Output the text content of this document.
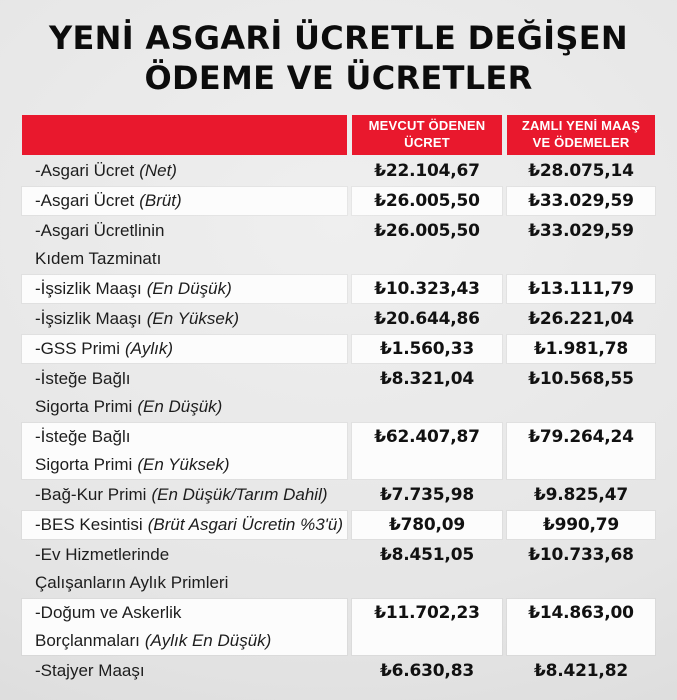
YENİ ASGARİ ÜCRETLE DEĞİŞEN
ÖDEME VE ÜCRETLER
MEVCUT ÖDENEN ÜCRET
ZAMLI YENİ MAAŞ VE ÖDEMELER
-Asgari Ücret (Net)	₺22.104,67	₺28.075,14
-Asgari Ücret (Brüt)	₺26.005,50	₺33.029,59
-Asgari Ücretlinin
Kıdem Tazminatı
₺26.005,50	₺33.029,59
-İşsizlik Maaşı (En Düşük)	₺10.323,43	₺13.111,79
-İşsizlik Maaşı (En Yüksek)	₺20.644,86	₺26.221,04
-GSS Primi (Aylık)	₺1.560,33	₺1.981,78
-İsteğe Bağlı
Sigorta Primi (En Düşük)
₺8.321,04	₺10.568,55
-İsteğe Bağlı
Sigorta Primi (En Yüksek)
₺62.407,87	₺79.264,24
-Bağ-Kur Primi (En Düşük/Tarım Dahil)	₺7.735,98	₺9.825,47
-BES Kesintisi (Brüt Asgari Ücretin %3'ü)	₺780,09	₺990,79
-Ev Hizmetlerinde
Çalışanların Aylık Primleri
₺8.451,05	₺10.733,68
-Doğum ve Askerlik
Borçlanmaları (Aylık En Düşük)
₺11.702,23	₺14.863,00
-Stajyer Maaşı	₺6.630,83	₺8.421,82
